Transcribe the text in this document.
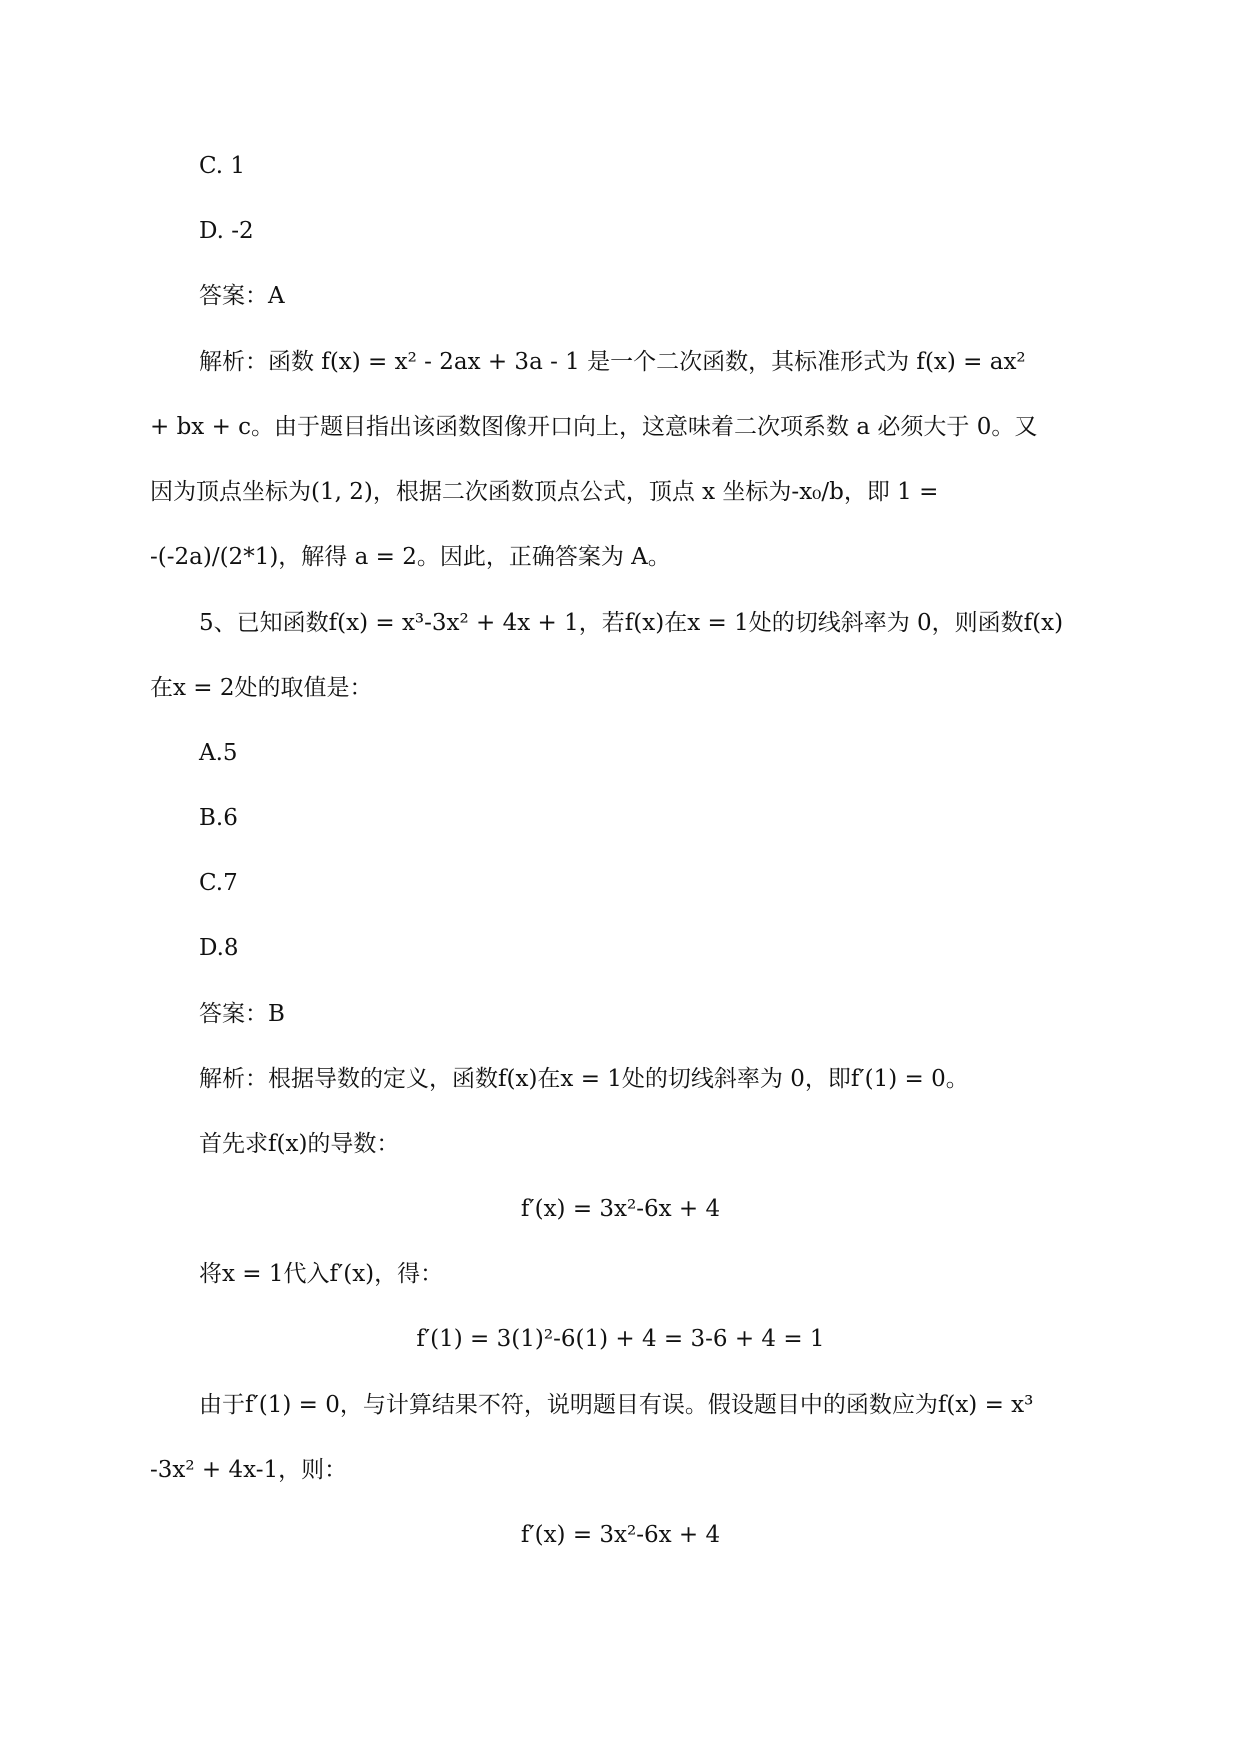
C. 1
D. -2
答案：A
解析：函数 f(x) = x² - 2ax + 3a - 1 是一个二次函数，其标准形式为 f(x) = ax²
+ bx + c。由于题目指出该函数图像开口向上，这意味着二次项系数 a 必须大于 0。又
因为顶点坐标为(1, 2)，根据二次函数顶点公式，顶点 x 坐标为-x₀/b，即 1 =
-(-2a)/(2*1)，解得 a = 2。因此，正确答案为 A。
5、已知函数f(x) = x³-3x² + 4x + 1，若f(x)在x = 1处的切线斜率为 0，则函数f(x)
在x = 2处的取值是：
A.5
B.6
C.7
D.8
答案：B
解析：根据导数的定义，函数f(x)在x = 1处的切线斜率为 0，即f′(1) = 0。
首先求f(x)的导数：
f′(x) = 3x²-6x + 4
将x = 1代入f′(x)，得：
f′(1) = 3(1)²-6(1) + 4 = 3-6 + 4 = 1
由于f′(1) = 0，与计算结果不符，说明题目有误。假设题目中的函数应为f(x) = x³
-3x² + 4x-1，则：
f′(x) = 3x²-6x + 4
